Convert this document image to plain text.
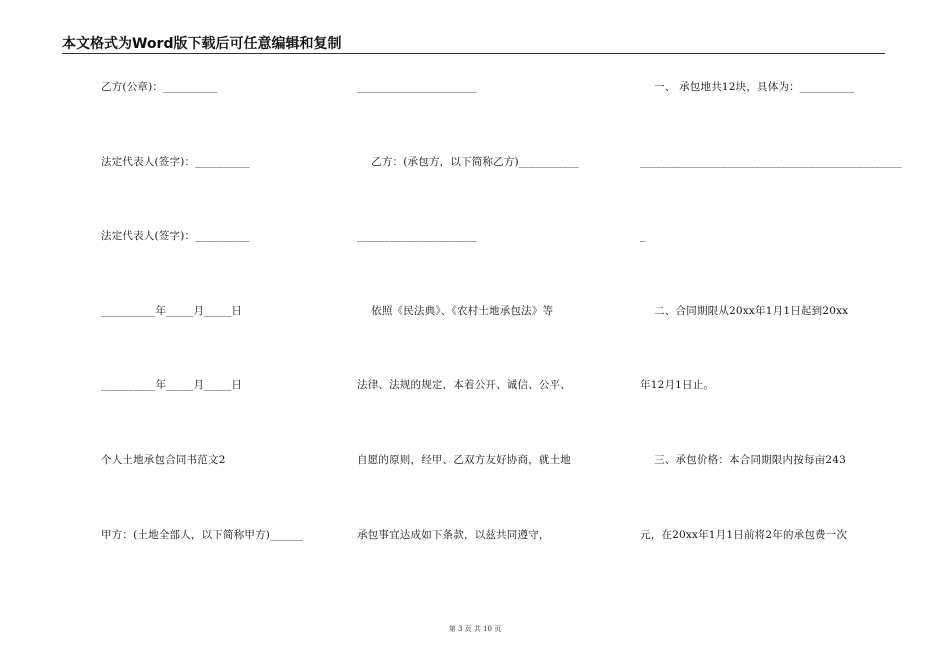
本文格式为Word版下载后可任意编辑和复制
乙方(公章)：__________
法定代表人(签字)：__________
法定代表人(签字)：__________
__________年_____月_____日
__________年_____月_____日
个人土地承包合同书范文2
甲方：(土地全部人，以下简称甲方)______
______________________
乙方：(承包方，以下简称乙方)___________
______________________
依照《民法典》、《农村土地承包法》等
法律、法规的规定，本着公开、诚信、公平、
自愿的原则，经甲、乙双方友好协商，就土地
承包事宜达成如下条款，以兹共同遵守，
一、 承包地共12块，具体为：__________
________________________________________________
_
二、合同期限从20xx年1月1日起到20xx
年12月1日止。
三、承包价格：本合同期限内按每亩243
元，在20xx年1月1日前将2年的承包费一次
第 3 页 共 10 页
